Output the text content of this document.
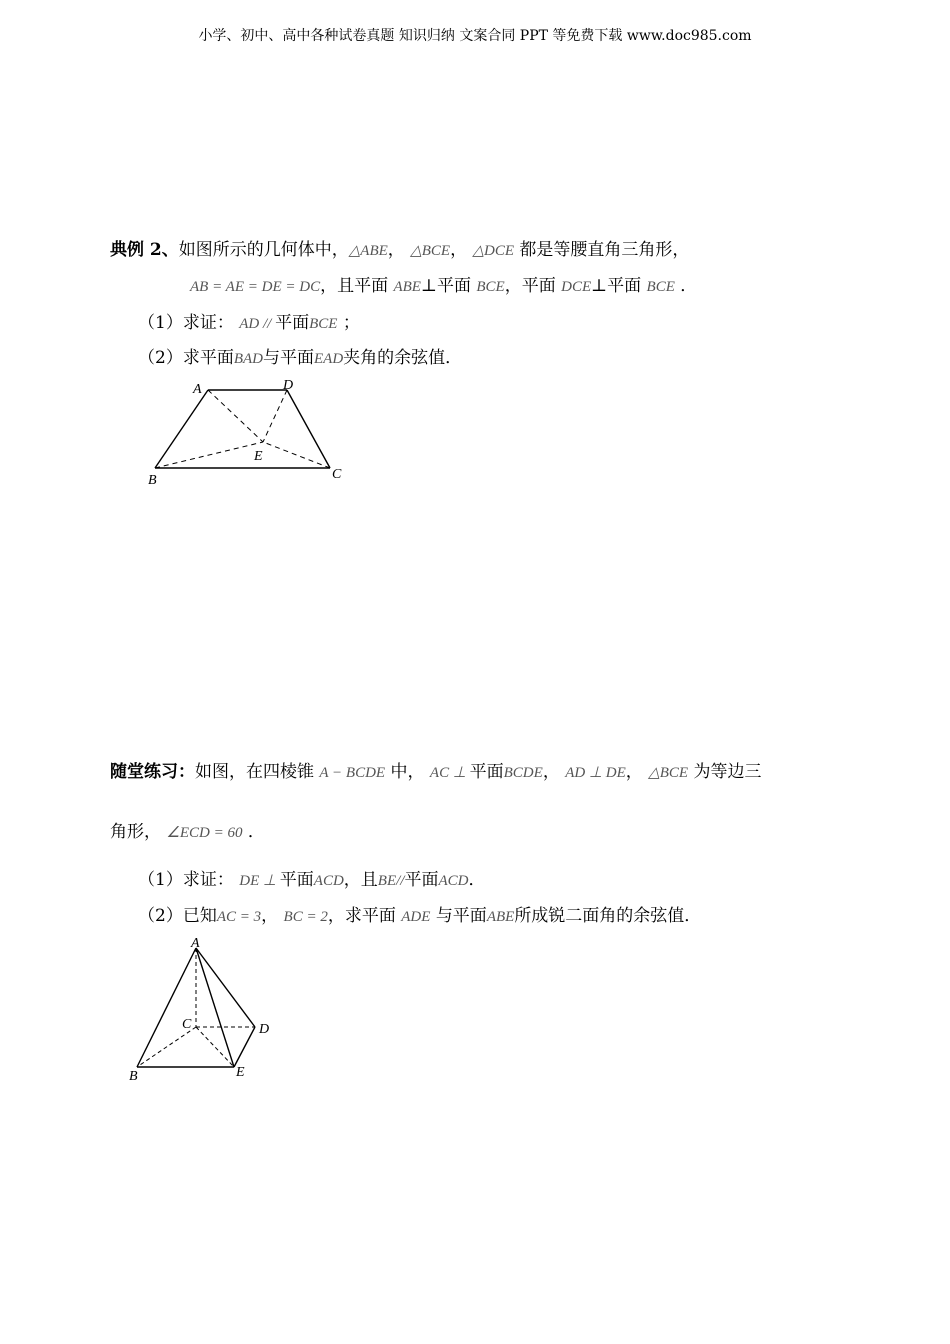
小学、初中、高中各种试卷真题 知识归纳 文案合同 PPT 等免费下载 www.doc985.com
典例 2、如图所示的几何体中，△ABE， △BCE， △DCE 都是等腰直角三角形，
AB = AE = DE = DC，且平面 ABE⊥平面 BCE，平面 DCE⊥平面 BCE ．
（1）求证： AD // 平面BCE ；
（2）求平面BAD与平面EAD夹角的余弦值．
A	D
E
B	C
随堂练习：如图，在四棱锥 A − BCDE 中， AC ⊥ 平面BCDE， AD ⊥ DE， △BCE 为等边三
角形， ∠ECD = 60 ．
（1）求证： DE ⊥ 平面ACD，且BE//平面ACD．
（2）已知AC = 3， BC = 2，求平面 ADE 与平面ABE所成锐二面角的余弦值．
A
C	D
B	E
